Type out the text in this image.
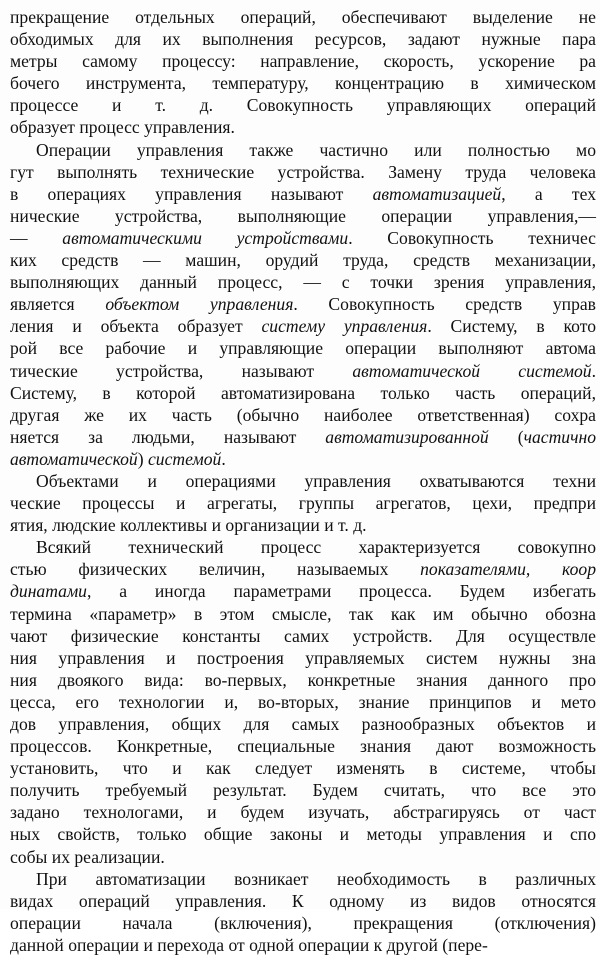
прекращение отдельных операций, обеспечивают выделение не
обходимых для их выполнения ресурсов, задают нужные пара
метры самому процессу: направление, скорость, ускорение ра
бочего инструмента, температуру, концентрацию в химическом
процессе и т. д. Совокупность управляющих операций
образует процесс управления.
Операции управления также частично или полностью мо
гут выполнять технические устройства. Замену труда человека
в операциях управления называют автоматизацией, а тех
нические устройства, выполняющие операции управления,—
— автоматическими устройствами. Совокупность техничес
ких средств — машин, орудий труда, средств механизации,
выполняющих данный процесс, — с точки зрения управления,
является объектом управления. Совокупность средств управ
ления и объекта образует систему управления. Систему, в кото
рой все рабочие и управляющие операции выполняют автома
тические устройства, называют автоматической системой.
Систему, в которой автоматизирована только часть операций,
другая же их часть (обычно наиболее ответственная) сохра
няется за людьми, называют автоматизированной (частично
автоматической) системой.
Объектами и операциями управления охватываются техни
ческие процессы и агрегаты, группы агрегатов, цехи, предпри
ятия, людские коллективы и организации и т. д.
Всякий технический процесс характеризуется совокупно
стью физических величин, называемых показателями, коор
динатами, а иногда параметрами процесса. Будем избегать
термина «параметр» в этом смысле, так как им обычно обозна
чают физические константы самих устройств. Для осуществле
ния управления и построения управляемых систем нужны зна
ния двоякого вида: во-первых, конкретные знания данного про
цесса, его технологии и, во-вторых, знание принципов и мето
дов управления, общих для самых разнообразных объектов и
процессов. Конкретные, специальные знания дают возможность
установить, что и как следует изменять в системе, чтобы
получить требуемый результат. Будем считать, что все это
задано технологами, и будем изучать, абстрагируясь от част
ных свойств, только общие законы и методы управления и спо
собы их реализации.
При автоматизации возникает необходимость в различных
видах операций управления. К одному из видов относятся
операции начала (включения), прекращения (отключения)
данной операции и перехода от одной операции к другой (пере-
